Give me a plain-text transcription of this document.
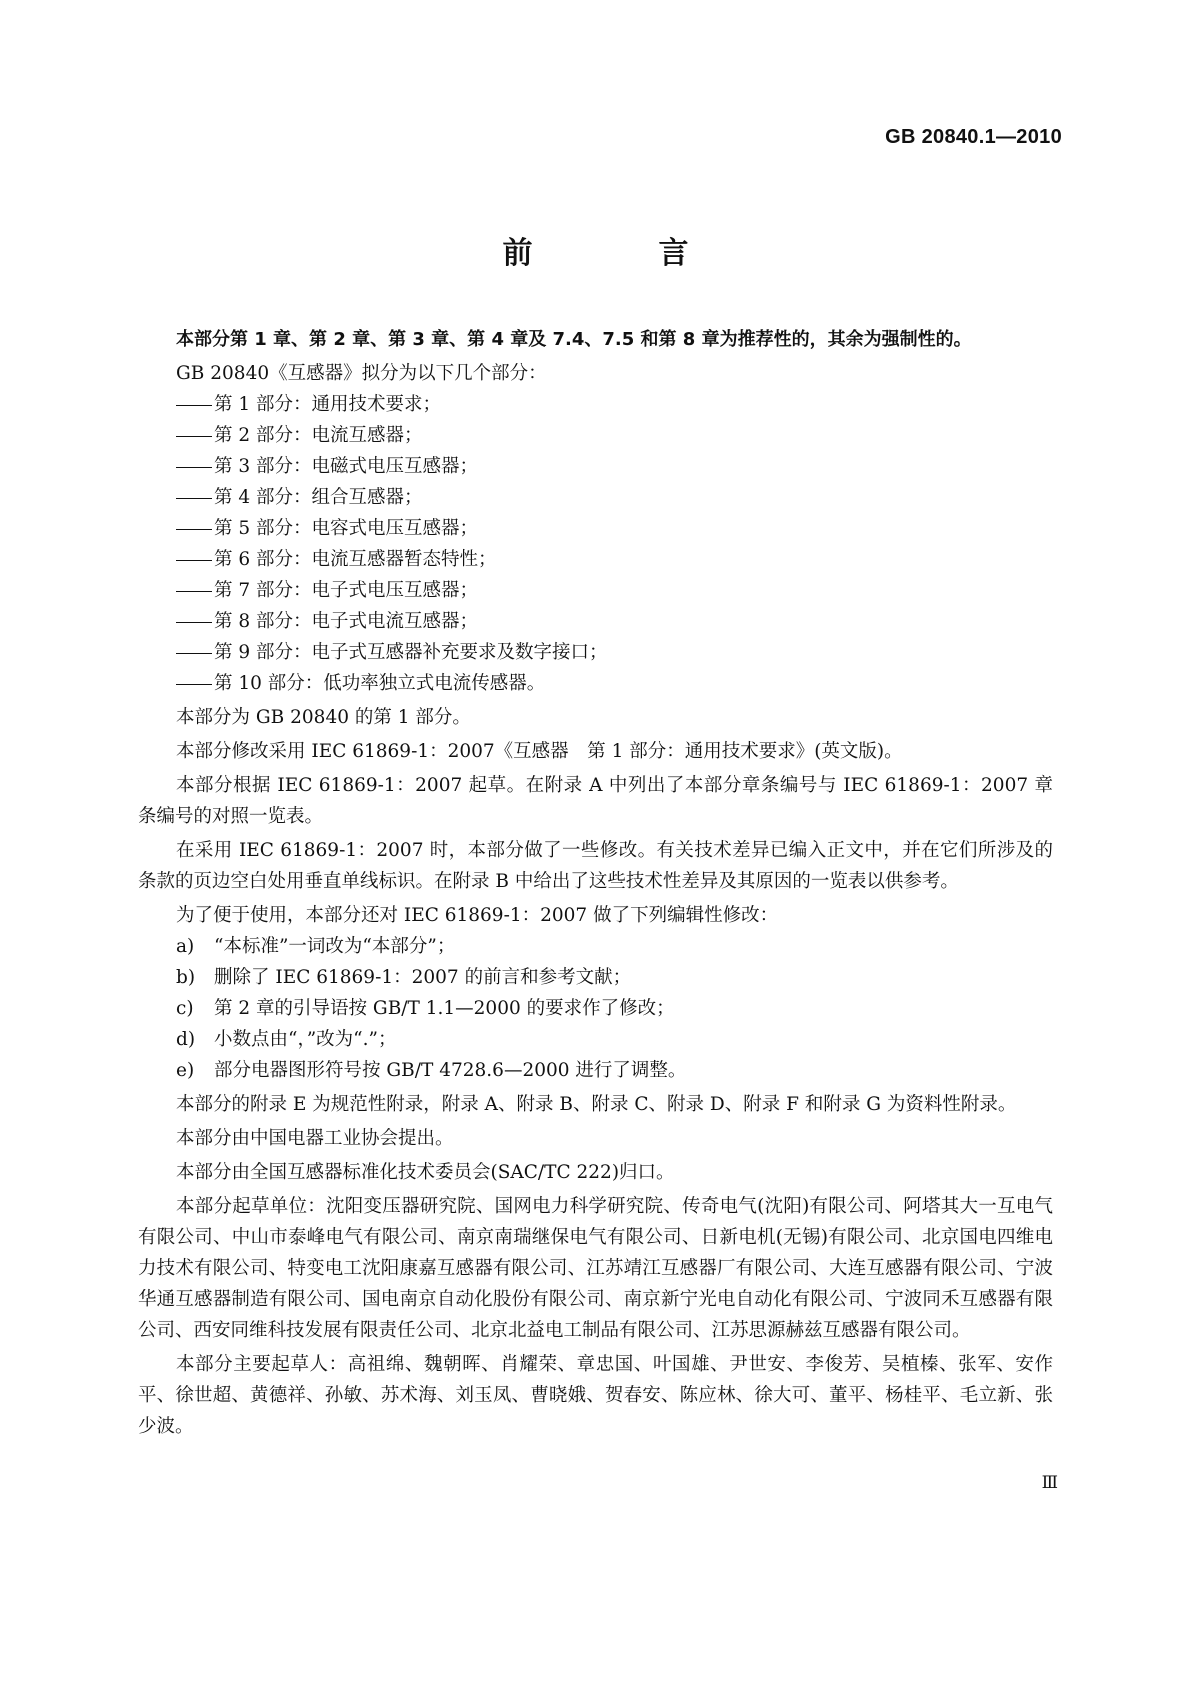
GB 20840.1—2010
前　言

本部分第 1 章、第 2 章、第 3 章、第 4 章及 7.4、7.5 和第 8 章为推荐性的，其余为强制性的。

GB 20840《互感器》拟分为以下几个部分：

第 1 部分：通用技术要求；
第 2 部分：电流互感器；
第 3 部分：电磁式电压互感器；
第 4 部分：组合互感器；
第 5 部分：电容式电压互感器；
第 6 部分：电流互感器暂态特性；
第 7 部分：电子式电压互感器；
第 8 部分：电子式电流互感器；
第 9 部分：电子式互感器补充要求及数字接口；
第 10 部分：低功率独立式电流传感器。

本部分为 GB 20840 的第 1 部分。

本部分修改采用 IEC 61869-1：2007《互感器　第 1 部分：通用技术要求》(英文版)。

本部分根据 IEC 61869-1：2007 起草。在附录 A 中列出了本部分章条编号与 IEC 61869-1：2007 章条编号的对照一览表。

在采用 IEC 61869-1：2007 时，本部分做了一些修改。有关技术差异已编入正文中，并在它们所涉及的条款的页边空白处用垂直单线标识。在附录 B 中给出了这些技术性差异及其原因的一览表以供参考。

为了便于使用，本部分还对 IEC 61869-1：2007 做了下列编辑性修改：

a) “本标准”一词改为“本部分”；
b) 删除了 IEC 61869-1：2007 的前言和参考文献；
c) 第 2 章的引导语按 GB/T 1.1—2000 的要求作了修改；
d) 小数点由“，”改为“.”；
e) 部分电器图形符号按 GB/T 4728.6—2000 进行了调整。

本部分的附录 E 为规范性附录，附录 A、附录 B、附录 C、附录 D、附录 F 和附录 G 为资料性附录。

本部分由中国电器工业协会提出。

本部分由全国互感器标准化技术委员会(SAC/TC 222)归口。

本部分起草单位：沈阳变压器研究院、国网电力科学研究院、传奇电气(沈阳)有限公司、阿塔其大一互电气有限公司、中山市泰峰电气有限公司、南京南瑞继保电气有限公司、日新电机(无锡)有限公司、北京国电四维电力技术有限公司、特变电工沈阳康嘉互感器有限公司、江苏靖江互感器厂有限公司、大连互感器有限公司、宁波华通互感器制造有限公司、国电南京自动化股份有限公司、南京新宁光电自动化有限公司、宁波同禾互感器有限公司、西安同维科技发展有限责任公司、北京北益电工制品有限公司、江苏思源赫兹互感器有限公司。

本部分主要起草人：高祖绵、魏朝晖、肖耀荣、章忠国、叶国雄、尹世安、李俊芳、吴植榛、张军、安作平、徐世超、黄德祥、孙敏、苏术海、刘玉凤、曹晓娥、贺春安、陈应林、徐大可、董平、杨桂平、毛立新、张少波。

Ⅲ
